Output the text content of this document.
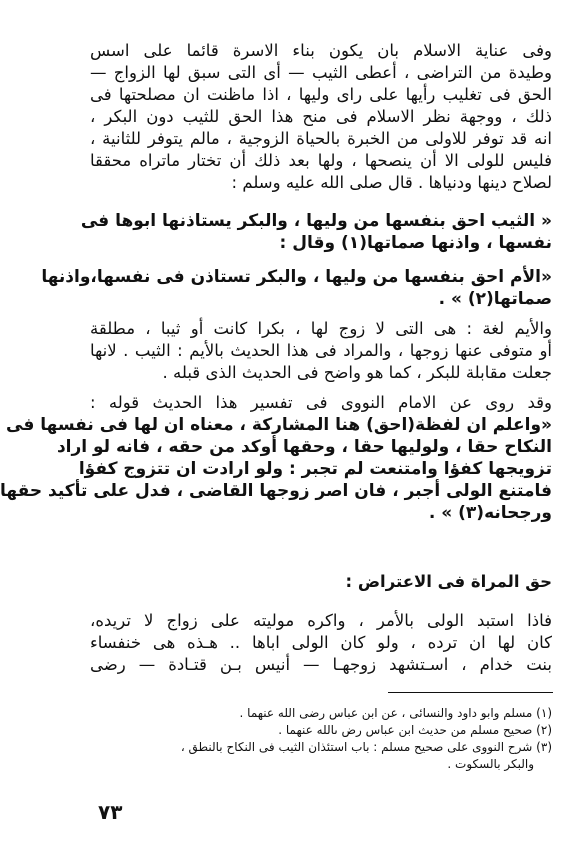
وفى عناية الاسلام بان يكون بناء الاسرة قائما على اسس
وطيدة من التراضى ، أعطى الثيب — أى التى سبق لها الزواج —
الحق فى تغليب رأيها على راى وليها ، اذا ماظنت ان مصلحتها فى
ذلك ، ووجهة نظر الاسلام فى منح هذا الحق للثيب دون البكر ،
انه قد توفر للاولى من الخبرة بالحياة الزوجية ، مالم يتوفر للثانية ،
فليس للولى الا أن ينصحها ، ولها بعد ذلك أن تختار ماتراه محققا
لصلاح دينها ودنياها . قال صلى الله عليه وسلم :
« الثيب احق بنفسها من وليها ، والبكر يستاذنها ابوها فى
نفسها ، واذنها صماتها(١) وقال :
«الأم احق بنفسها من وليها ، والبكر تستاذن فى نفسها،واذنها
صماتها(٢) » .
والأيم لغة : هى التى لا زوج لها ، بكرا كانت أو ثيبا ، مطلقة
أو متوفى عنها زوجها ، والمراد فى هذا الحديث بالأيم : الثيب . لانها
جعلت مقابلة للبكر ، كما هو واضح فى الحديث الذى قبله .
وقد روى عن الامام النووى فى تفسير هذا الحديث قوله :
«واعلم ان لفظة(احق) هنا المشاركة ، معناه ان لها فى نفسها فى
النكاح حقا ، ولوليها حقا ، وحقها أوكد من حقه ، فانه لو اراد
تزويجها كفؤا وامتنعت لم تجبر : ولو ارادت ان تتزوج كفؤا
فامتنع الولى أجبر ، فان اصر زوجها القاضى ، فدل على تأكيد حقها
ورجحانه(٣) » .
حق المراة فى الاعتراض :
فاذا استبد الولى بالأمر ، واكره موليته على زواج لا تريده،
كان لها ان ترده ، ولو كان الولى اباها .. هـذه هى خنفساء
بنت خدام ، اسـتشهد زوجهـا — أنيس بـن قتـادة — رضى
(١) مسلم وابو داود والنسائى ، عن ابن عباس رضى الله عنهما .
(٢) صحيح مسلم من حديث ابن عباس رض ىالله عنهما .
(٣) شرح النووى على صحيح مسلم : باب استئذان الثيب فى النكاح بالنطق ،
والبكر بالسكوت .
٧٣
